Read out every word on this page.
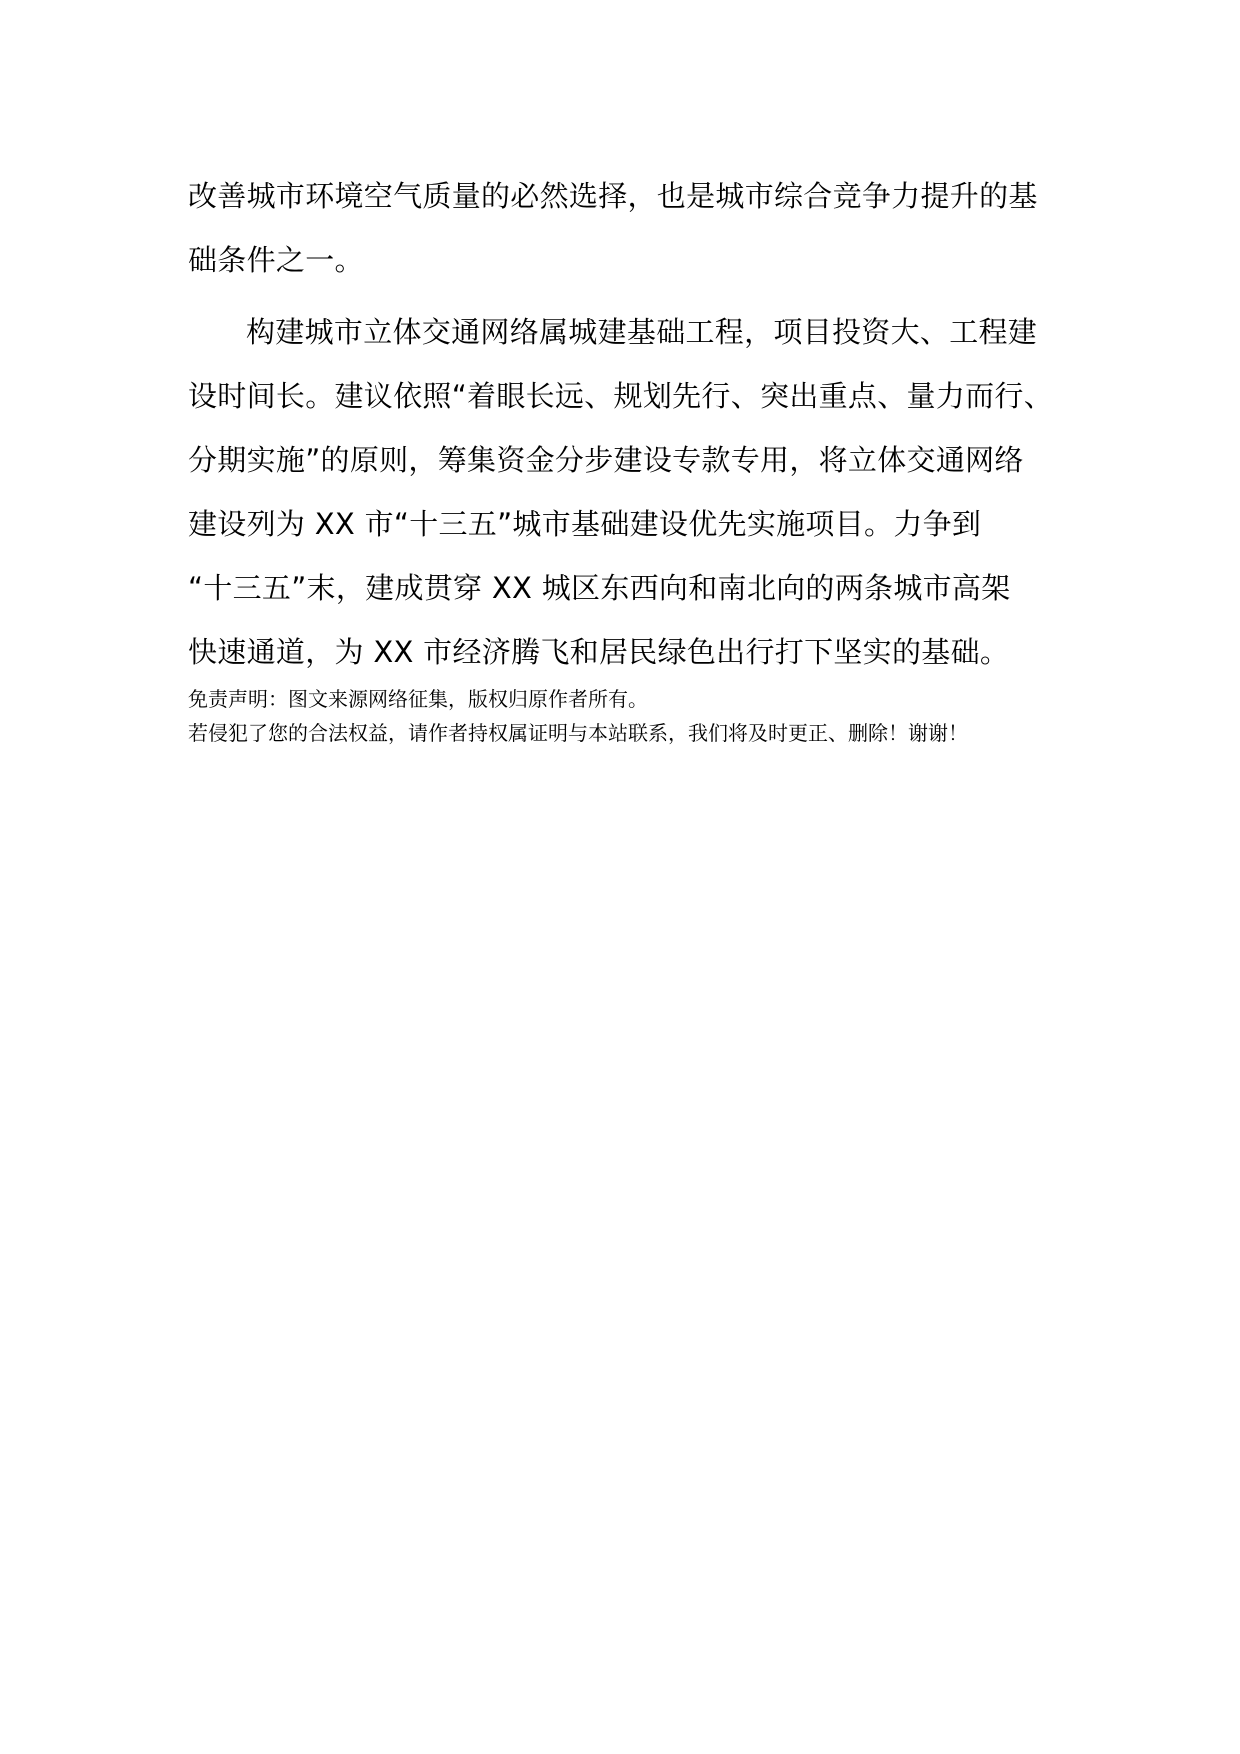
改善城市环境空气质量的必然选择，也是城市综合竞争力提升的基

础条件之一。

构建城市立体交通网络属城建基础工程，项目投资大、工程建

设时间长。建议依照“着眼长远、规划先行、突出重点、量力而行、

分期实施”的原则，筹集资金分步建设专款专用，将立体交通网络

建设列为 XX 市“十三五”城市基础建设优先实施项目。力争到

“十三五”末，建成贯穿 XX 城区东西向和南北向的两条城市高架

快速通道，为 XX 市经济腾飞和居民绿色出行打下坚实的基础。

免责声明：图文来源网络征集，版权归原作者所有。

若侵犯了您的合法权益，请作者持权属证明与本站联系，我们将及时更正、删除！谢谢！
